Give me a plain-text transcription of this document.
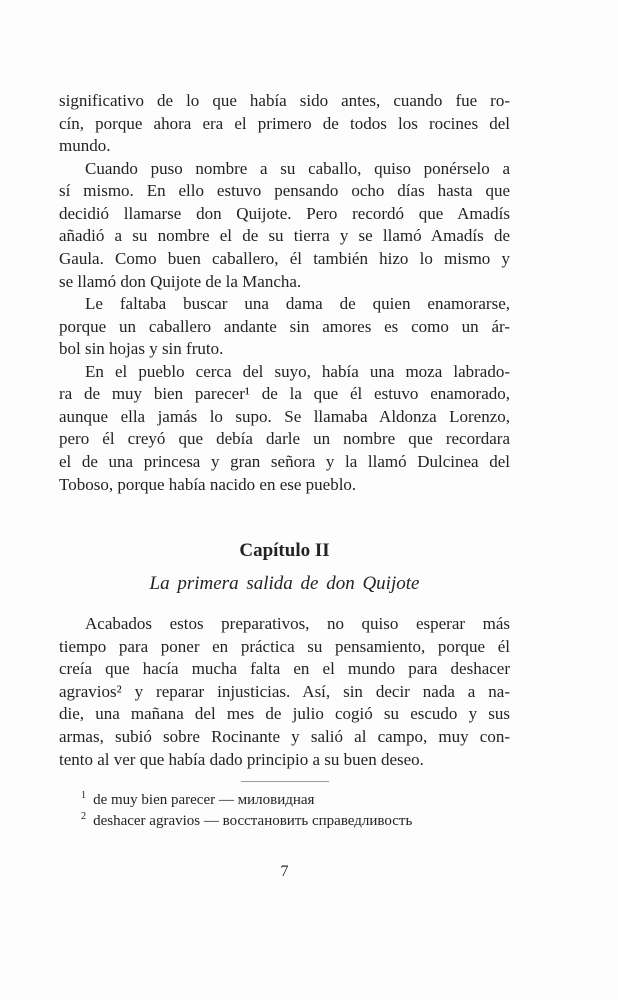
significativo de lo que había sido antes, cuando fue ro-
cín, porque ahora era el primero de todos los rocines del
mundo.
Cuando puso nombre a su caballo, quiso ponérselo a
sí mismo. En ello estuvo pensando ocho días hasta que
decidió llamarse don Quijote. Pero recordó que Amadís
añadió a su nombre el de su tierra y se llamó Amadís de
Gaula. Como buen caballero, él también hizo lo mismo y
se llamó don Quijote de la Mancha.
Le faltaba buscar una dama de quien enamorarse,
porque un caballero andante sin amores es como un ár-
bol sin hojas y sin fruto.
En el pueblo cerca del suyo, había una moza labrado-
ra de muy bien parecer¹ de la que él estuvo enamorado,
aunque ella jamás lo supo. Se llamaba Aldonza Lorenzo,
pero él creyó que debía darle un nombre que recordara
el de una princesa y gran señora y la llamó Dulcinea del
Toboso, porque había nacido en ese pueblo.
Capítulo II
La primera salida de don Quijote
Acabados estos preparativos, no quiso esperar más
tiempo para poner en práctica su pensamiento, porque él
creía que hacía mucha falta en el mundo para deshacer
agravios² y reparar injusticias. Así, sin decir nada a na-
die, una mañana del mes de julio cogió su escudo y sus
armas, subió sobre Rocinante y salió al campo, muy con-
tento al ver que había dado principio a su buen deseo.
$^1$ de muy bien parecer — миловидная
$^2$ deshacer agravios — восстановить справедливость
7
